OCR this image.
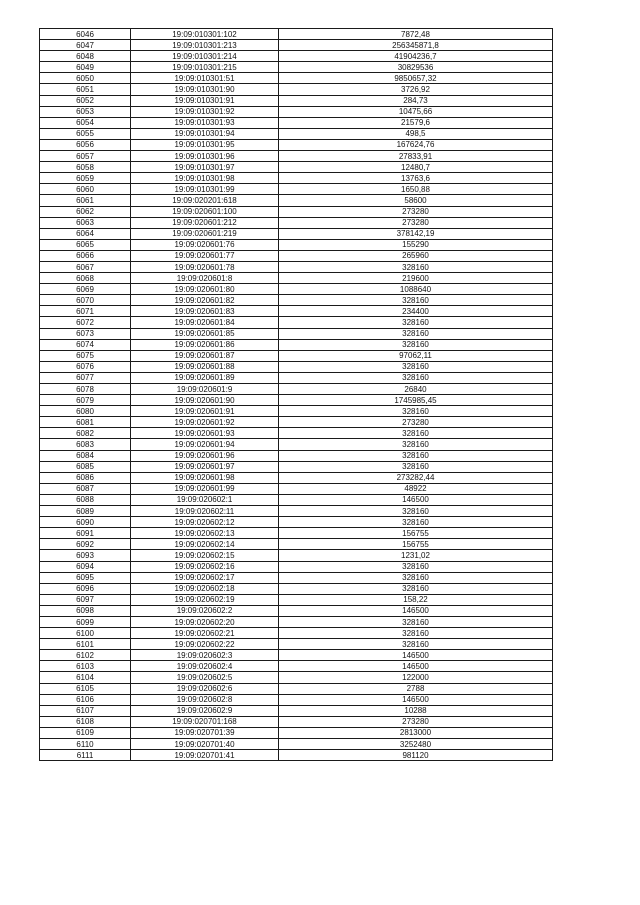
6046	19:09:010301:102	7872,48
6047	19:09:010301:213	256345871,8
6048	19:09:010301:214	41904236,7
6049	19:09:010301:215	30829536
6050	19:09:010301:51	9850657,32
6051	19:09:010301:90	3726,92
6052	19:09:010301:91	284,73
6053	19:09:010301:92	10475,66
6054	19:09:010301:93	21579,6
6055	19:09:010301:94	498,5
6056	19:09:010301:95	167624,76
6057	19:09:010301:96	27833,91
6058	19:09:010301:97	12480,7
6059	19:09:010301:98	13763,6
6060	19:09:010301:99	1650,88
6061	19:09:020201:618	58600
6062	19:09:020601:100	273280
6063	19:09:020601:212	273280
6064	19:09:020601:219	378142,19
6065	19:09:020601:76	155290
6066	19:09:020601:77	265960
6067	19:09:020601:78	328160
6068	19:09:020601:8	219600
6069	19:09:020601:80	1088640
6070	19:09:020601:82	328160
6071	19:09:020601:83	234400
6072	19:09:020601:84	328160
6073	19:09:020601:85	328160
6074	19:09:020601:86	328160
6075	19:09:020601:87	97062,11
6076	19:09:020601:88	328160
6077	19:09:020601:89	328160
6078	19:09:020601:9	26840
6079	19:09:020601:90	1745985,45
6080	19:09:020601:91	328160
6081	19:09:020601:92	273280
6082	19:09:020601:93	328160
6083	19:09:020601:94	328160
6084	19:09:020601:96	328160
6085	19:09:020601:97	328160
6086	19:09:020601:98	273282,44
6087	19:09:020601:99	48922
6088	19:09:020602:1	146500
6089	19:09:020602:11	328160
6090	19:09:020602:12	328160
6091	19:09:020602:13	156755
6092	19:09:020602:14	156755
6093	19:09:020602:15	1231,02
6094	19:09:020602:16	328160
6095	19:09:020602:17	328160
6096	19:09:020602:18	328160
6097	19:09:020602:19	158,22
6098	19:09:020602:2	146500
6099	19:09:020602:20	328160
6100	19:09:020602:21	328160
6101	19:09:020602:22	328160
6102	19:09:020602:3	146500
6103	19:09:020602:4	146500
6104	19:09:020602:5	122000
6105	19:09:020602:6	2788
6106	19:09:020602:8	146500
6107	19:09:020602:9	10288
6108	19:09:020701:168	273280
6109	19:09:020701:39	2813000
6110	19:09:020701:40	3252480
6111	19:09:020701:41	981120
